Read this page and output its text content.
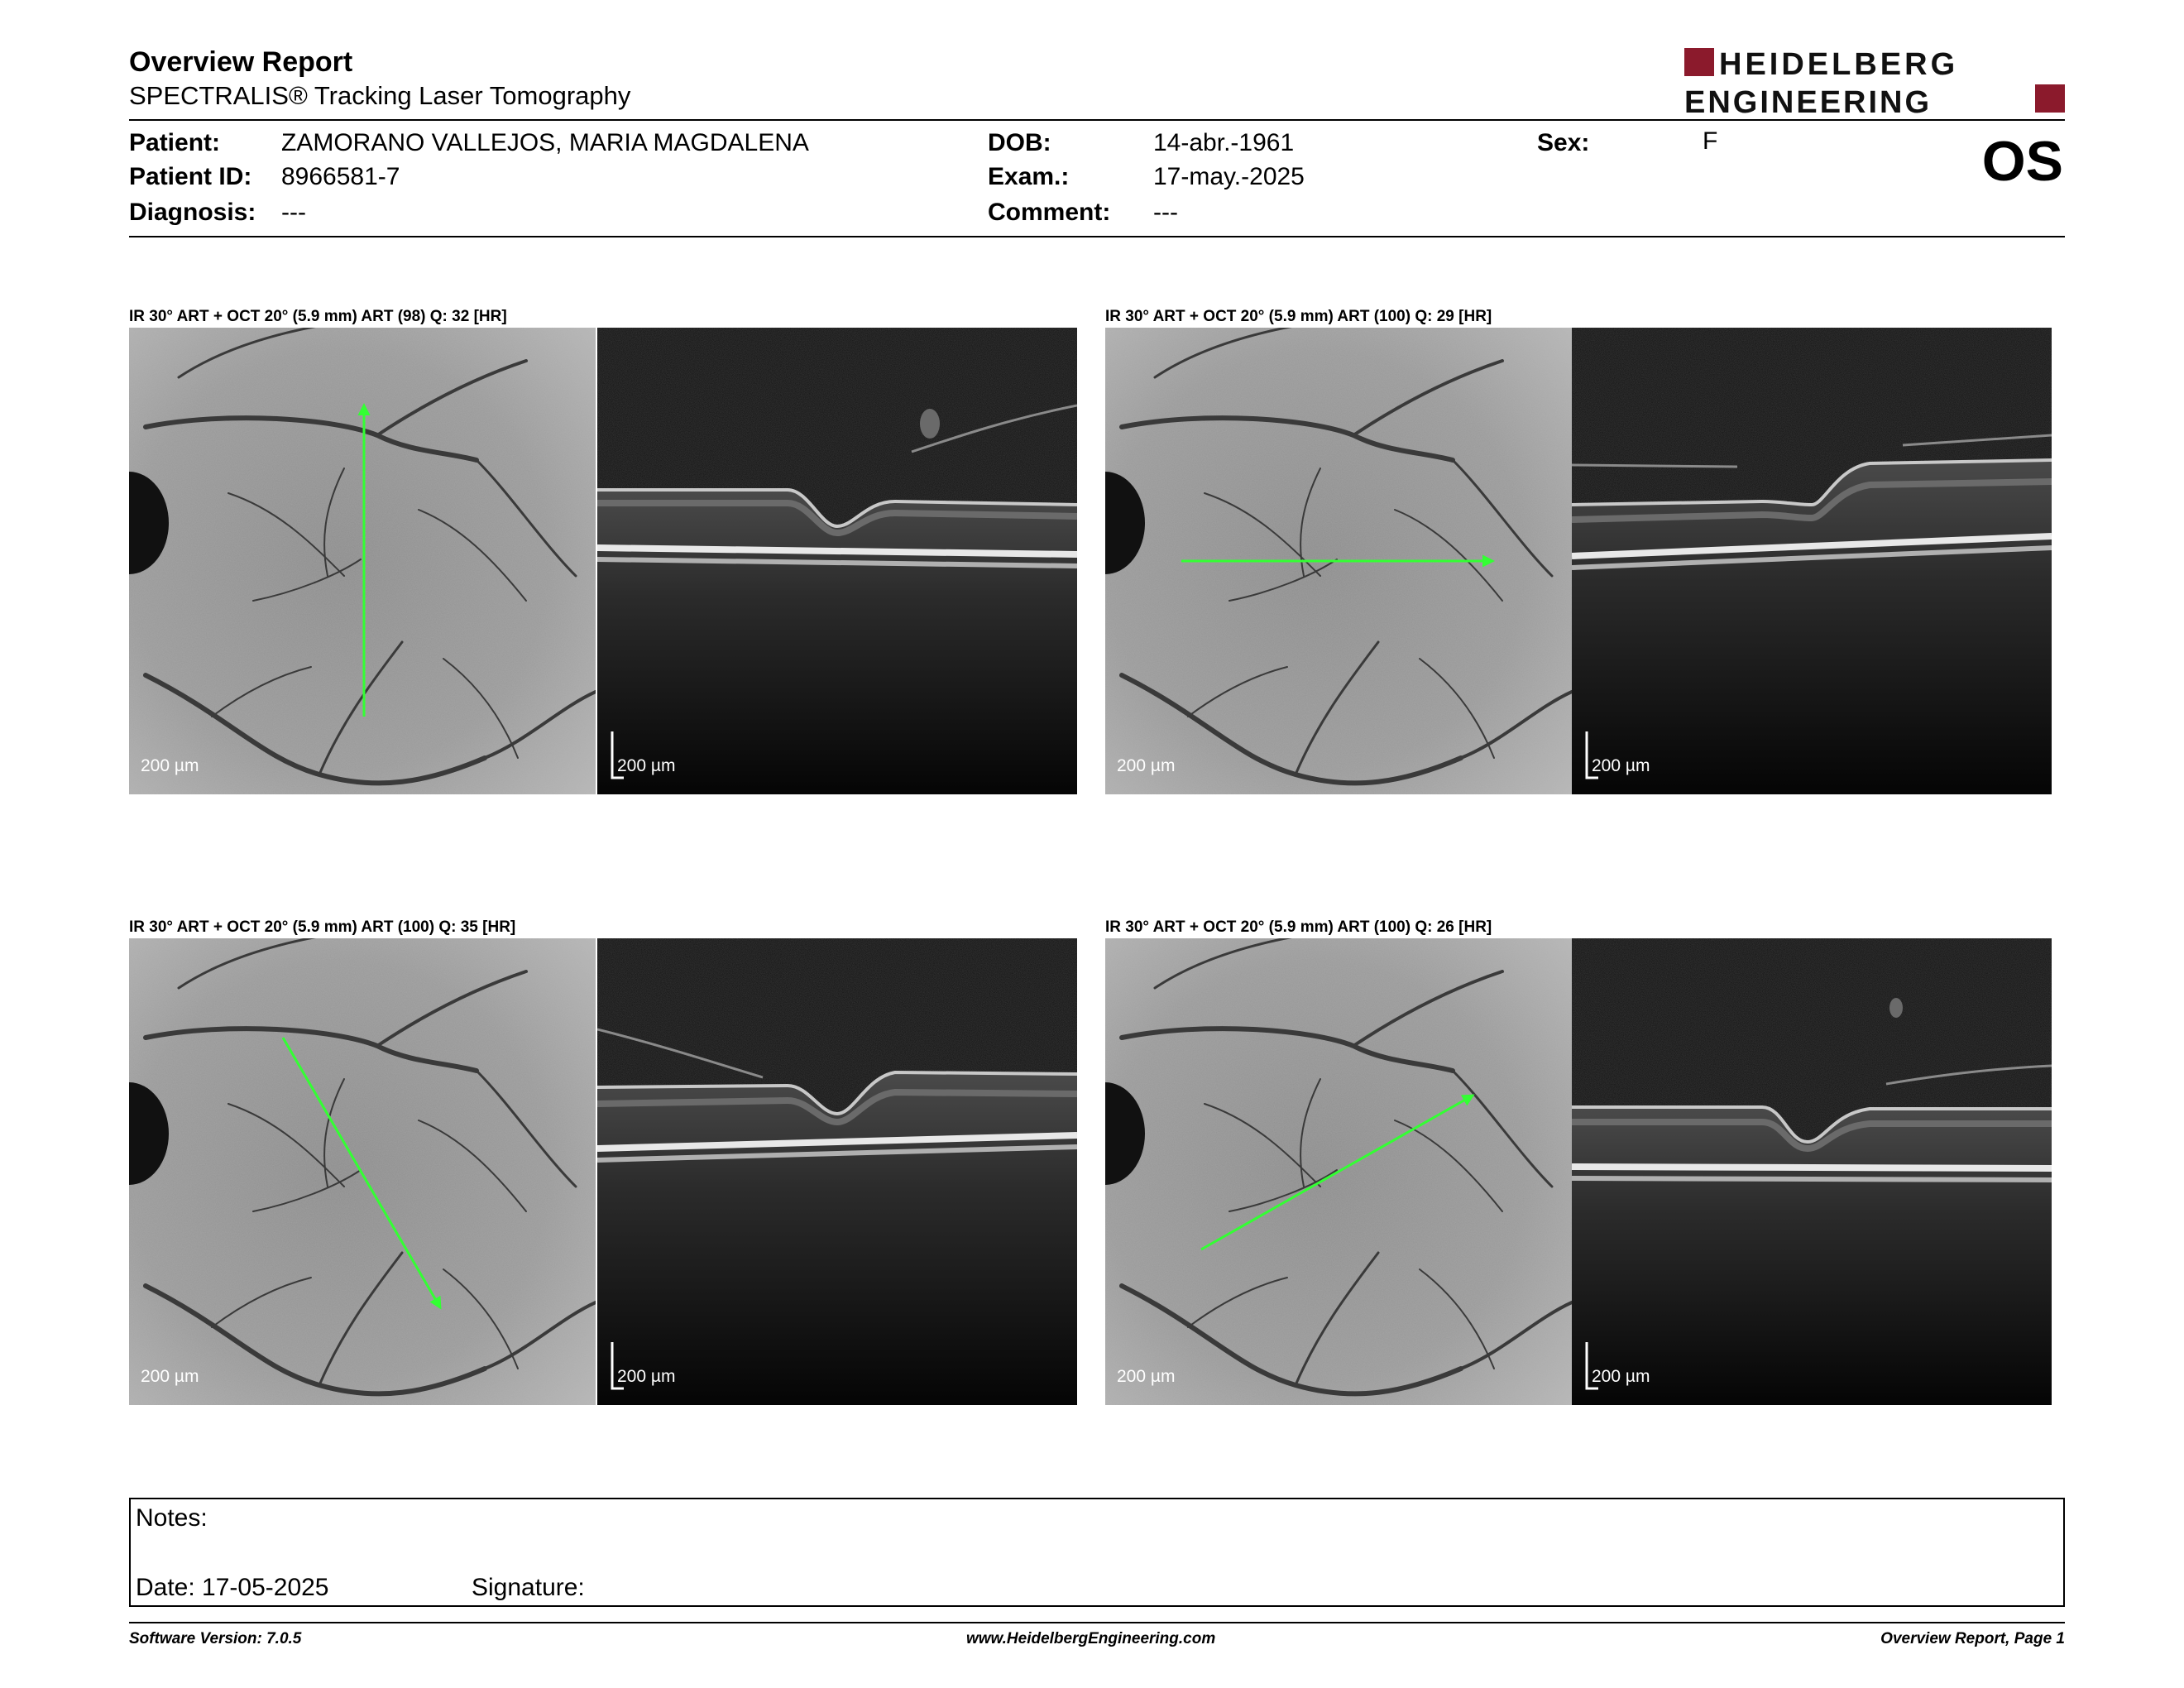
Overview Report
SPECTRALIS® Tracking Laser Tomography
HEIDELBERG
ENGINEERING
Patient: ZAMORANO VALLEJOS, MARIA MAGDALENA
Patient ID: 8966581-7
Diagnosis: ---
DOB:	14-abr.-1961
Exam.:	17-may.-2025
Comment: ---
Sex:	F	OS
IR 30° ART + OCT 20° (5.9 mm) ART (98) Q: 32 [HR]
200 µm	200 µm
IR 30° ART + OCT 20° (5.9 mm) ART (100) Q: 29 [HR]
200 µm	200 µm
IR 30° ART + OCT 20° (5.9 mm) ART (100) Q: 35 [HR]
200 µm	200 µm
IR 30° ART + OCT 20° (5.9 mm) ART (100) Q: 26 [HR]
200 µm	200 µm
Notes:
Date: 17-05-2025	Signature:
Software Version: 7.0.5	www.HeidelbergEngineering.com	Overview Report, Page 1
